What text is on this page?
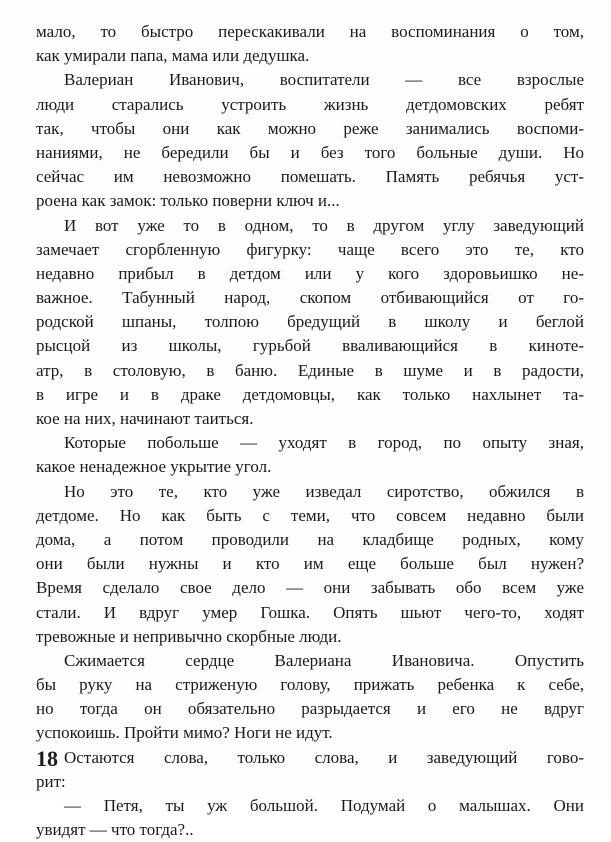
мало, то быстро перескакивали на воспоминания о том,
как умирали папа, мама или дедушка.
Валериан Иванович, воспитатели — все взрослые
люди старались устроить жизнь детдомовских ребят
так, чтобы они как можно реже занимались воспоми-
наниями, не бередили бы и без того больные души. Но
сейчас им невозможно помешать. Память ребячья уст-
роена как замок: только поверни ключ и...
И вот уже то в одном, то в другом углу заведующий
замечает сгорбленную фигурку: чаще всего это те, кто
недавно прибыл в детдом или у кого здоровьишко не-
важное. Табунный народ, скопом отбивающийся от го-
родской шпаны, толпою бредущий в школу и беглой
рысцой из школы, гурьбой вваливающийся в киноте-
атр, в столовую, в баню. Единые в шуме и в радости,
в игре и в драке детдомовцы, как только нахлынет та-
кое на них, начинают таиться.
Которые побольше — уходят в город, по опыту зная,
какое ненадежное укрытие угол.
Но это те, кто уже изведал сиротство, обжился в
детдоме. Но как быть с теми, что совсем недавно были
дома, а потом проводили на кладбище родных, кому
они были нужны и кто им еще больше был нужен?
Время сделало свое дело — они забывать обо всем уже
стали. И вдруг умер Гошка. Опять шьют чего-то, ходят
тревожные и непривычно скорбные люди.
Сжимается сердце Валериана Ивановича. Опустить
бы руку на стриженую голову, прижать ребенка к себе,
но тогда он обязательно разрыдается и его не вдруг
успокоишь. Пройти мимо? Ноги не идут.
Остаются слова, только слова, и заведующий гово-
рит:
— Петя, ты уж большой. Подумай о малышах. Они
увидят — что тогда?..
18
